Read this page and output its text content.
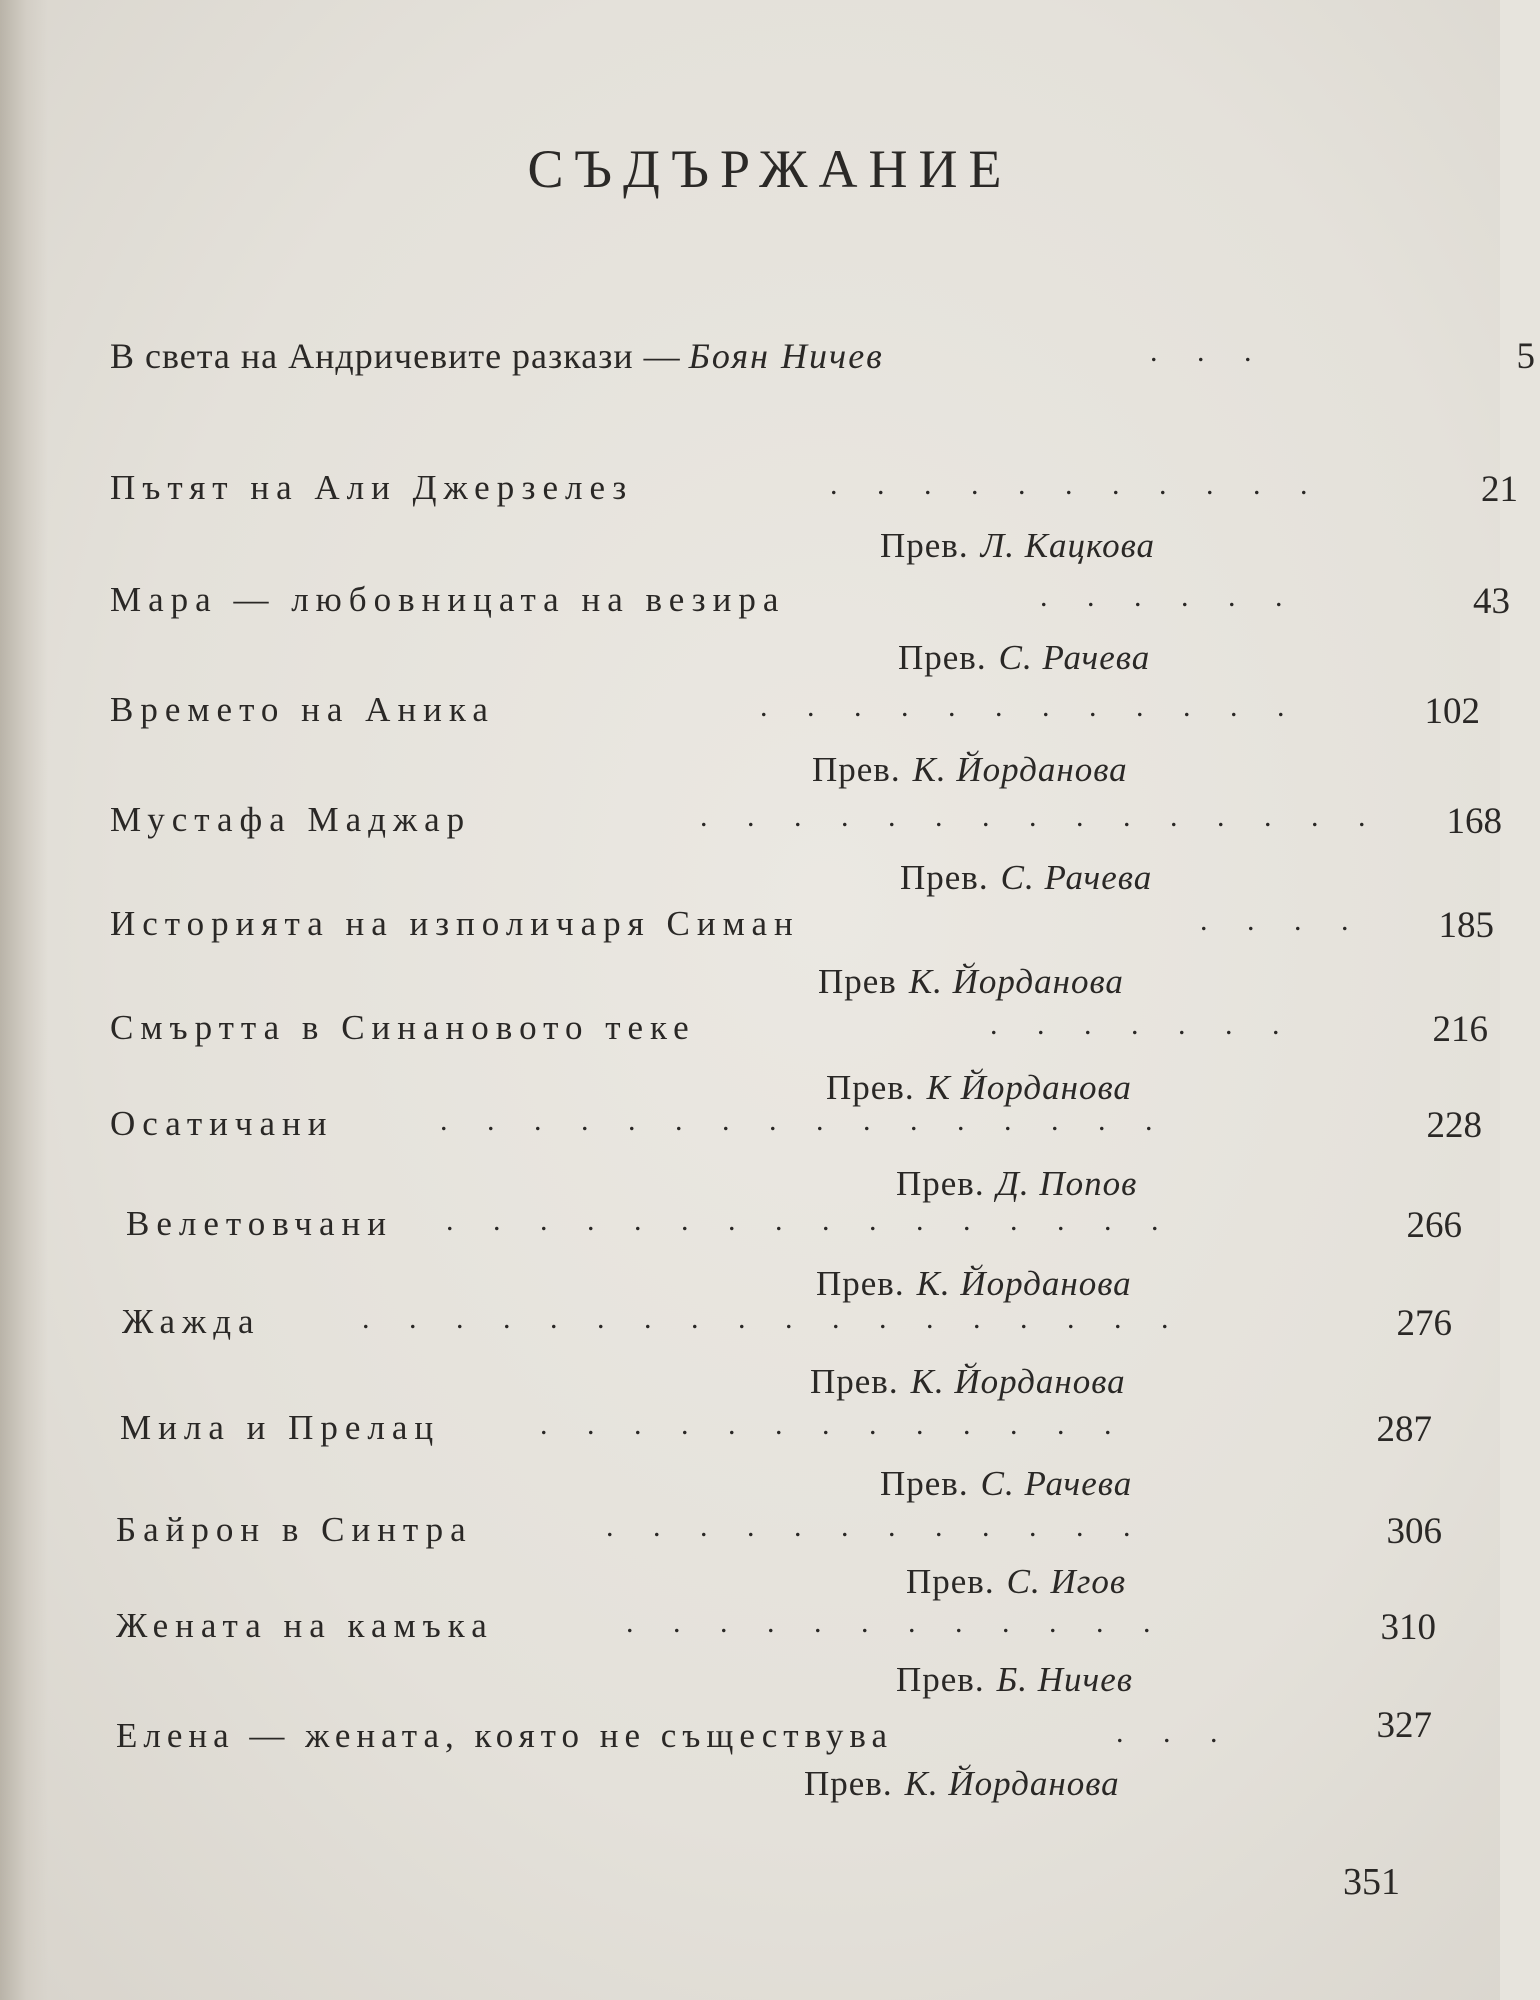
СЪДЪРЖАНИЕ
В света на Андричевите разкази — Боян Ничев	. . .	5
Пътят на Али Джерзелез	. . . . . . . . . . .	21
Прев. Л. Кацкова
Мара — любовницата на везира	. . . . . .	43
Прев. С. Рачева
Времето на Аника	. . . . . . . . . . . .	102
Прев. К. Йорданова
Мустафа Маджар	. . . . . . . . . . . . . . .	168
Прев. С. Рачева
Историята на изполичаря Симан	. . . .	185
Прев К. Йорданова
Смъртта в Синановото теке	. . . . . . .	216
Прев. К Йорданова
Осатичани	. . . . . . . . . . . . . . . .	228
Прев. Д. Попов
Велетовчани . . . . . . . . . . . . . . . .	266
Прев. К. Йорданова
Жажда	. . . . . . . . . . . . . . . . . .	276
Прев. К. Йорданова
Мила и Прелац	. . . . . . . . . . . . .	287
Прев. С. Рачева
Байрон в Синтра	. . . . . . . . . . . .	306
Прев. С. Игов
Жената на камъка	. . . . . . . . . . . .	310
Прев. Б. Ничев
Елена — жената, която не съществува	. . .	327
Прев. К. Йорданова
351
